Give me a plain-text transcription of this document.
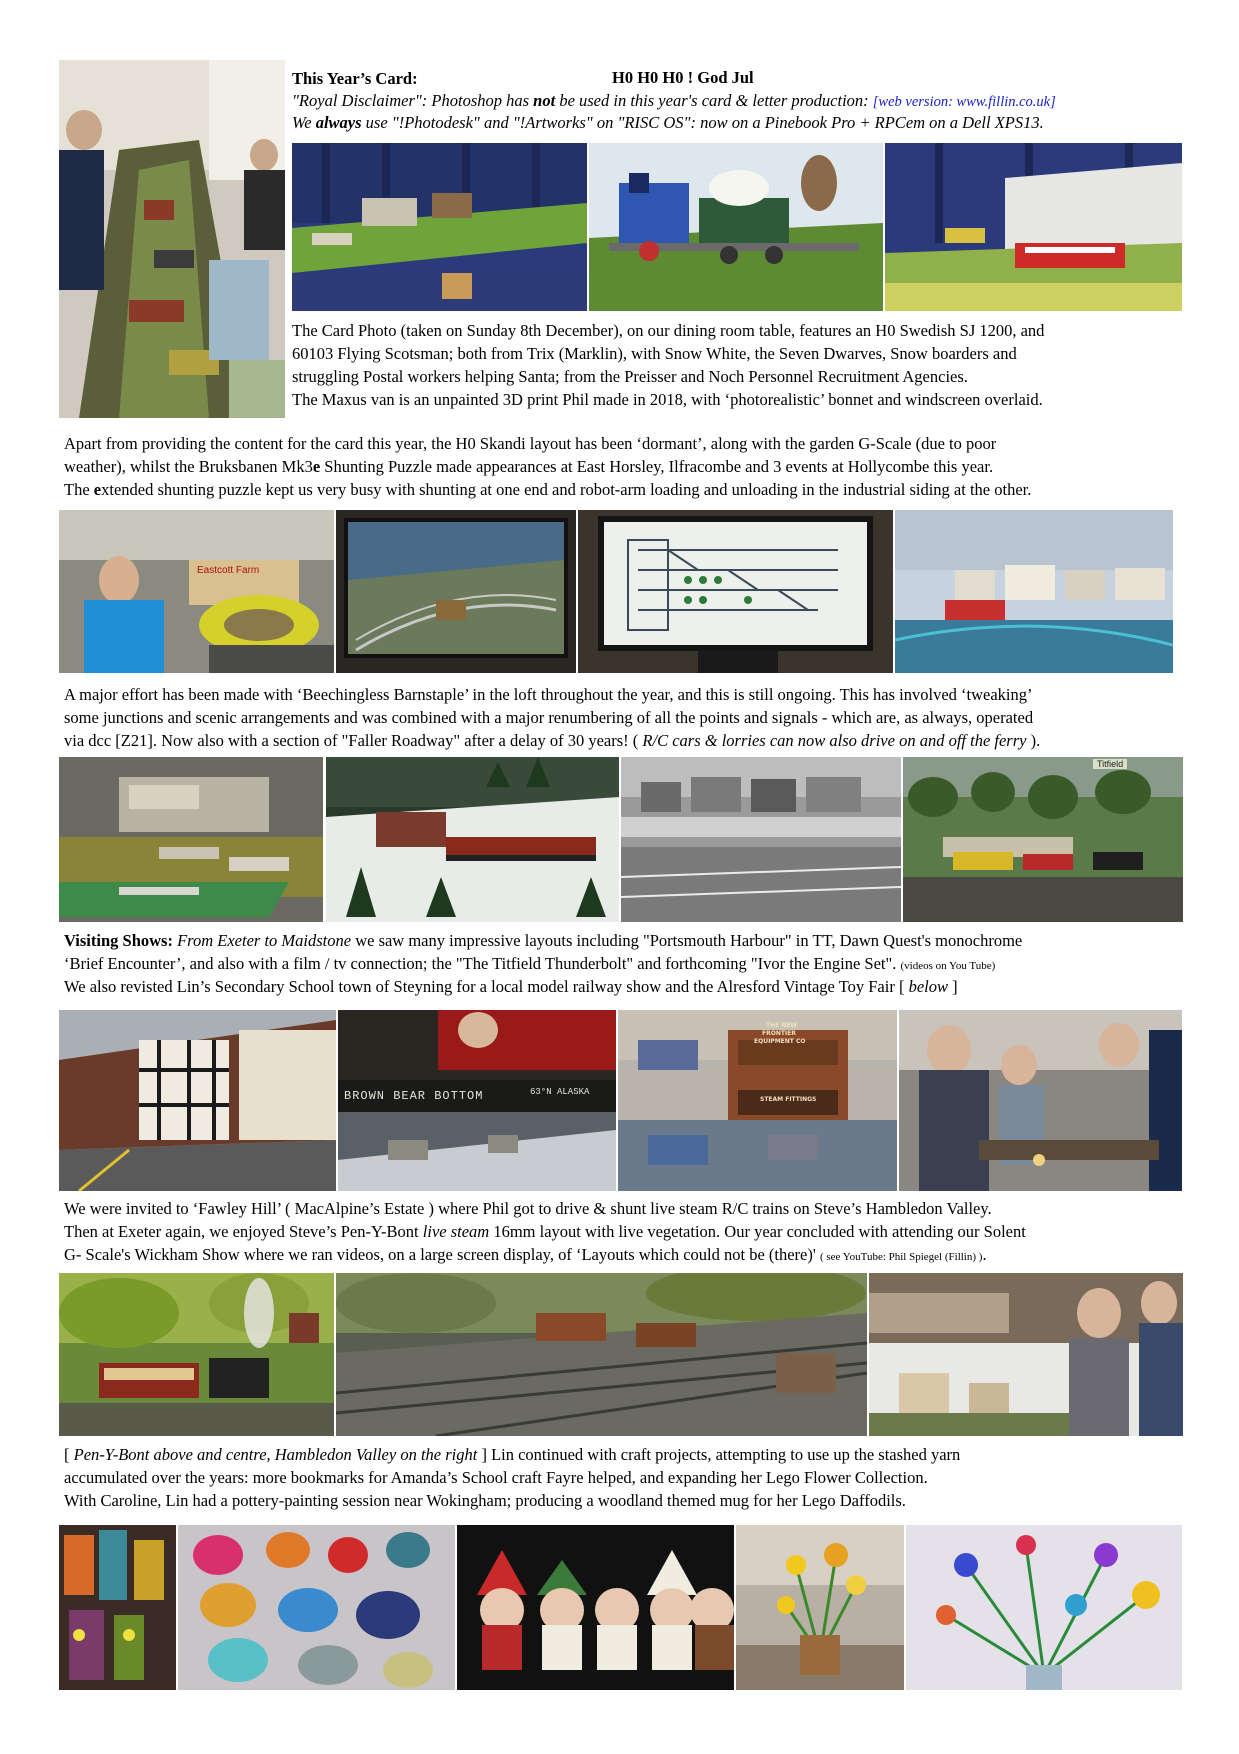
This Year’s Card:	H0 H0 H0 ! God Jul
"Royal Disclaimer": Photoshop has not be used in this year's card & letter production: [web version: www.fillin.co.uk]
We always use "!Photodesk" and "!Artworks" on "RISC OS": now on a Pinebook Pro + RPCem on a Dell XPS13.
The Card Photo (taken on Sunday 8th December), on our dining room table, features an H0 Swedish SJ 1200, and
60103 Flying Scotsman; both from Trix (Marklin), with Snow White, the Seven Dwarves, Snow boarders and
struggling Postal workers helping Santa; from the Preisser and Noch Personnel Recruitment Agencies.
The Maxus van is an unpainted 3D print Phil made in 2018, with ‘photorealistic’ bonnet and windscreen overlaid.
Apart from providing the content for the card this year, the H0 Skandi layout has been ‘dormant’, along with the garden G-Scale (due to poor
weather), whilst the Bruksbanen Mk3e Shunting Puzzle made appearances at East Horsley, Ilfracombe and 3 events at Hollycombe this year.
The extended shunting puzzle kept us very busy with shunting at one end and robot-arm loading and unloading in the industrial siding at the other.
Eastcott Farm
A major effort has been made with ‘Beechingless Barnstaple’ in the loft throughout the year, and this is still ongoing. This has involved ‘tweaking’
some junctions and scenic arrangements and was combined with a major renumbering of all the points and signals - which are, as always, operated
via dcc [Z21]. Now also with a section of "Faller Roadway" after a delay of 30 years! ( R/C cars & lorries can now also drive on and off the ferry ).
Titfield
Visiting Shows: From Exeter to Maidstone we saw many impressive layouts including "Portsmouth Harbour" in TT, Dawn Quest's monochrome
‘Brief Encounter’, and also with a film / tv connection; the "The Titfield Thunderbolt" and forthcoming "Ivor the Engine Set". (videos on You Tube)
We also revisted Lin’s Secondary School town of Steyning for a local model railway show and the Alresford Vintage Toy Fair [ below ]
BROWN BEAR BOTTOM	63°N ALASKA
THE NEW
FRONTIER
EQUIPMENT CO
STEAM FITTINGS
We were invited to ‘Fawley Hill’ ( MacAlpine’s Estate ) where Phil got to drive & shunt live steam R/C trains on Steve’s Hambledon Valley.
Then at Exeter again, we enjoyed Steve’s Pen-Y-Bont live steam 16mm layout with live vegetation. Our year concluded with attending our Solent
G- Scale's Wickham Show where we ran videos, on a large screen display, of ‘Layouts which could not be (there)' ( see YouTube: Phil Spiegel (Fillin) ).
[ Pen-Y-Bont above and centre, Hambledon Valley on the right ] Lin continued with craft projects, attempting to use up the stashed yarn
accumulated over the years: more bookmarks for Amanda’s School craft Fayre helped, and expanding her Lego Flower Collection.
With Caroline, Lin had a pottery-painting session near Wokingham; producing a woodland themed mug for her Lego Daffodils.
